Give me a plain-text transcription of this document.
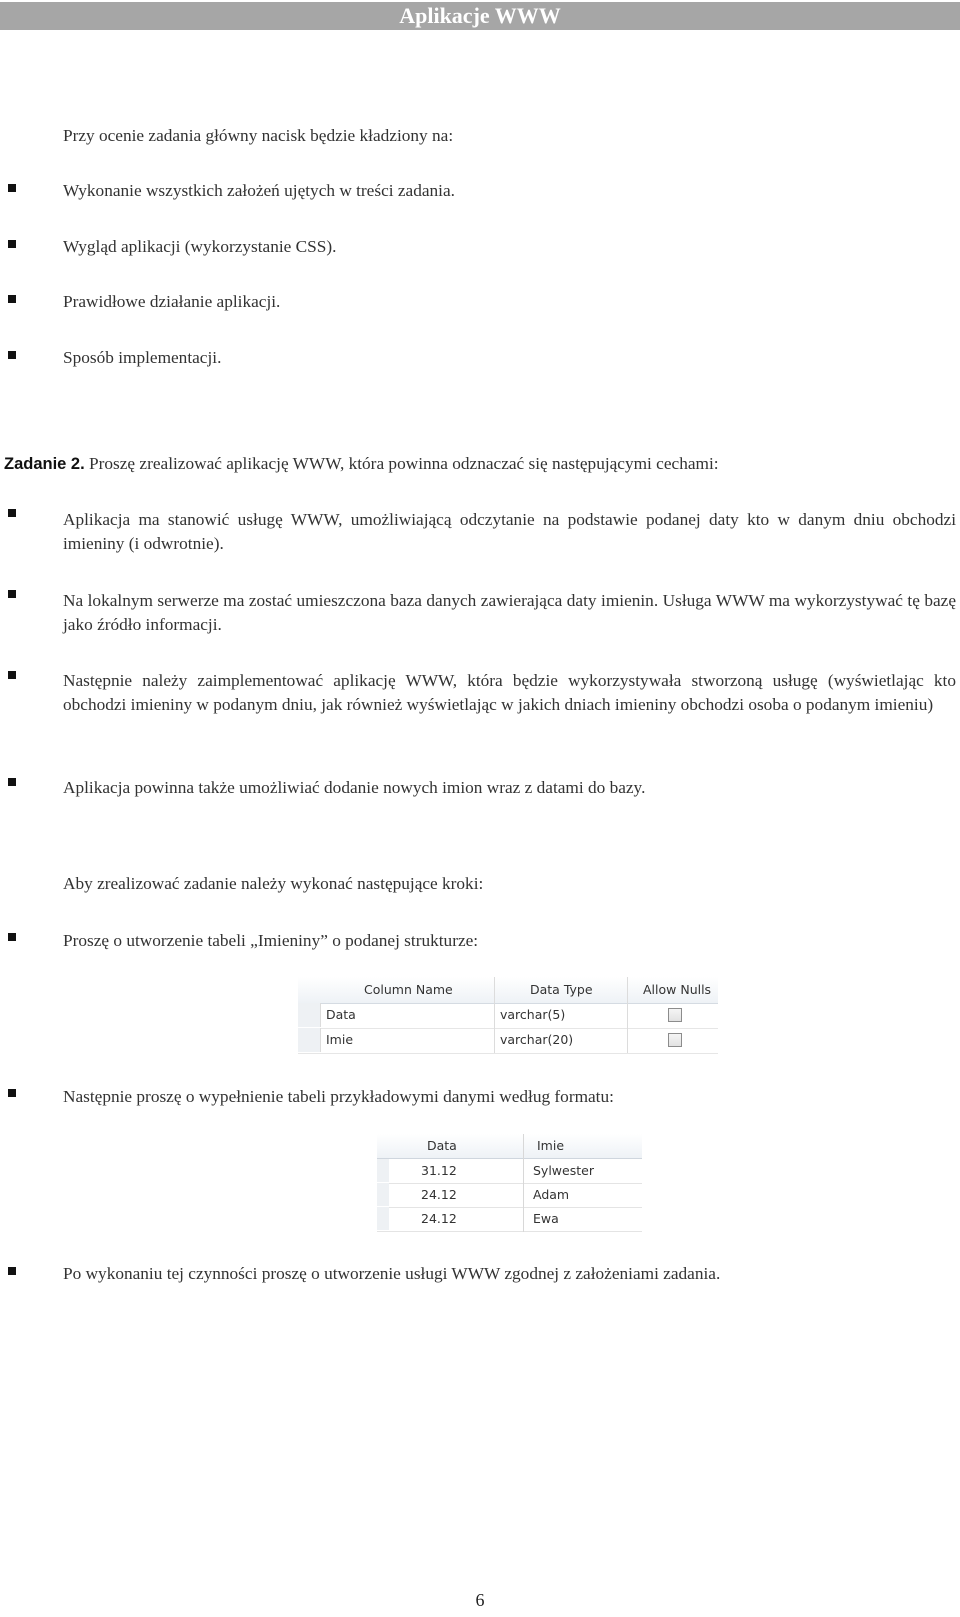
Aplikacje WWW
Przy ocenie zadania główny nacisk będzie kładziony na:
Wykonanie wszystkich założeń ujętych w treści zadania.
Wygląd aplikacji (wykorzystanie CSS).
Prawidłowe działanie aplikacji.
Sposób implementacji.
Zadanie 2. Proszę zrealizować aplikację WWW, która powinna odznaczać się następującymi cechami:
Aplikacja ma stanowić usługę WWW, umożliwiającą odczytanie na podstawie podanej daty kto w danym dniu obchodzi imieniny (i odwrotnie).
Na lokalnym serwerze ma zostać umieszczona baza danych zawierająca daty imienin. Usługa WWW ma wykorzystywać tę bazę jako źródło informacji.
Następnie należy zaimplementować aplikację WWW, która będzie wykorzystywała stworzoną usługę (wyświetlając kto obchodzi imieniny w podanym dniu, jak również wyświetlając w jakich dniach imieniny obchodzi osoba o podanym imieniu)
Aplikacja powinna także umożliwiać dodanie nowych imion wraz z datami do bazy.
Aby zrealizować zadanie należy wykonać następujące kroki:
Proszę o utworzenie tabeli „Imieniny” o podanej strukturze:
Column Name	Data Type	Allow Nulls
Data	varchar(5)
Imie	varchar(20)
Następnie proszę o wypełnienie tabeli przykładowymi danymi według formatu:
Data	Imie
31.12	Sylwester
24.12	Adam
24.12	Ewa
Po wykonaniu tej czynności proszę o utworzenie usługi WWW zgodnej z założeniami zadania.
6
